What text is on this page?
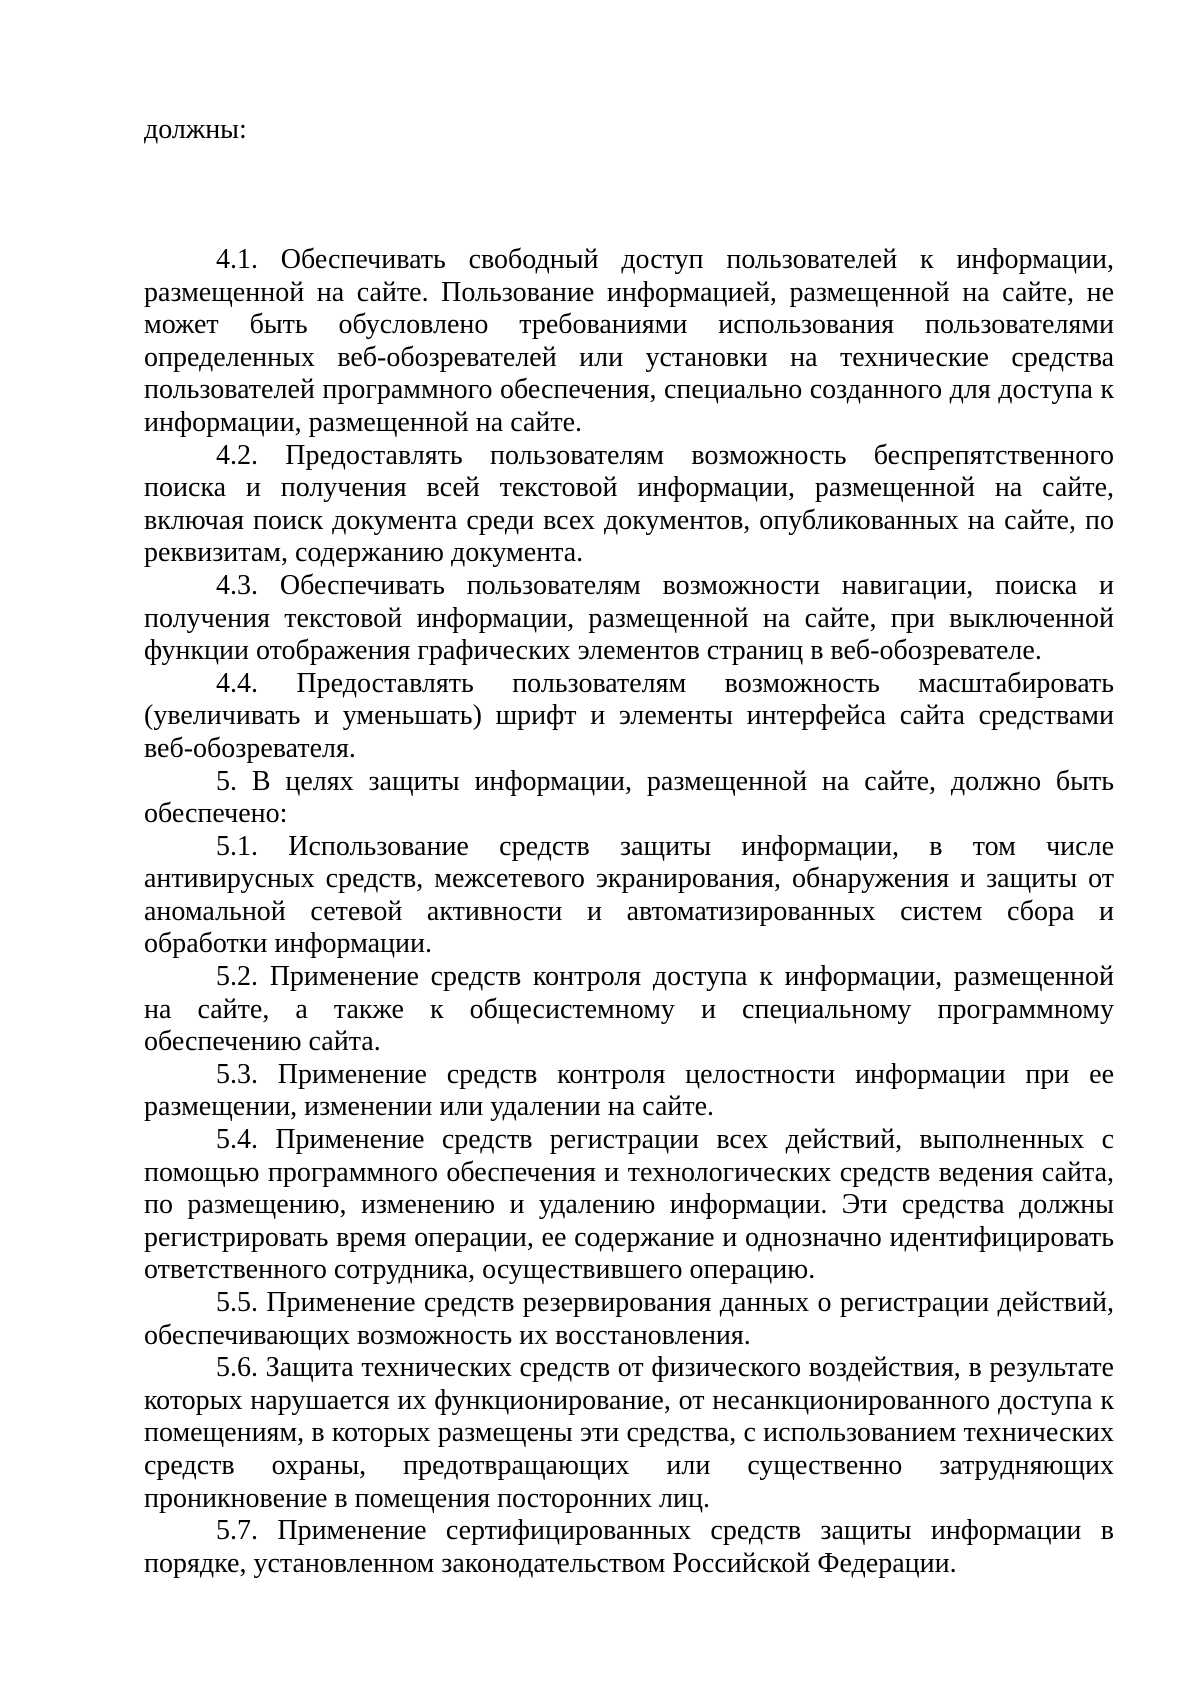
должны:

4.1. Обеспечивать свободный доступ пользователей к информации, размещенной на сайте. Пользование информацией, размещенной на сайте, не может быть обусловлено требованиями использования пользователями определенных веб-обозревателей или установки на технические средства пользователей программного обеспечения, специально созданного для доступа к информации, размещенной на сайте.

4.2. Предоставлять пользователям возможность беспрепятственного поиска и получения всей текстовой информации, размещенной на сайте, включая поиск документа среди всех документов, опубликованных на сайте, по реквизитам, содержанию документа.

4.3. Обеспечивать пользователям возможности навигации, поиска и получения текстовой информации, размещенной на сайте, при выключенной функции отображения графических элементов страниц в веб-обозревателе.

4.4. Предоставлять пользователям возможность масштабировать (увеличивать и уменьшать) шрифт и элементы интерфейса сайта средствами веб-обозревателя.

5. В целях защиты информации, размещенной на сайте, должно быть обеспечено:

5.1. Использование средств защиты информации, в том числе антивирусных средств, межсетевого экранирования, обнаружения и защиты от аномальной сетевой активности и автоматизированных систем сбора и обработки информации.

5.2. Применение средств контроля доступа к информации, размещенной на сайте, а также к общесистемному и специальному программному обеспечению сайта.

5.3. Применение средств контроля целостности информации при ее размещении, изменении или удалении на сайте.

5.4. Применение средств регистрации всех действий, выполненных с помощью программного обеспечения и технологических средств ведения сайта, по размещению, изменению и удалению информации. Эти средства должны регистрировать время операции, ее содержание и однозначно идентифицировать ответственного сотрудника, осуществившего операцию.

5.5. Применение средств резервирования данных о регистрации действий, обеспечивающих возможность их восстановления.

5.6. Защита технических средств от физического воздействия, в результате которых нарушается их функционирование, от несанкционированного доступа к помещениям, в которых размещены эти средства, с использованием технических средств охраны, предотвращающих или существенно затрудняющих проникновение в помещения посторонних лиц.

5.7. Применение сертифицированных средств защиты информации в порядке, установленном законодательством Российской Федерации.
